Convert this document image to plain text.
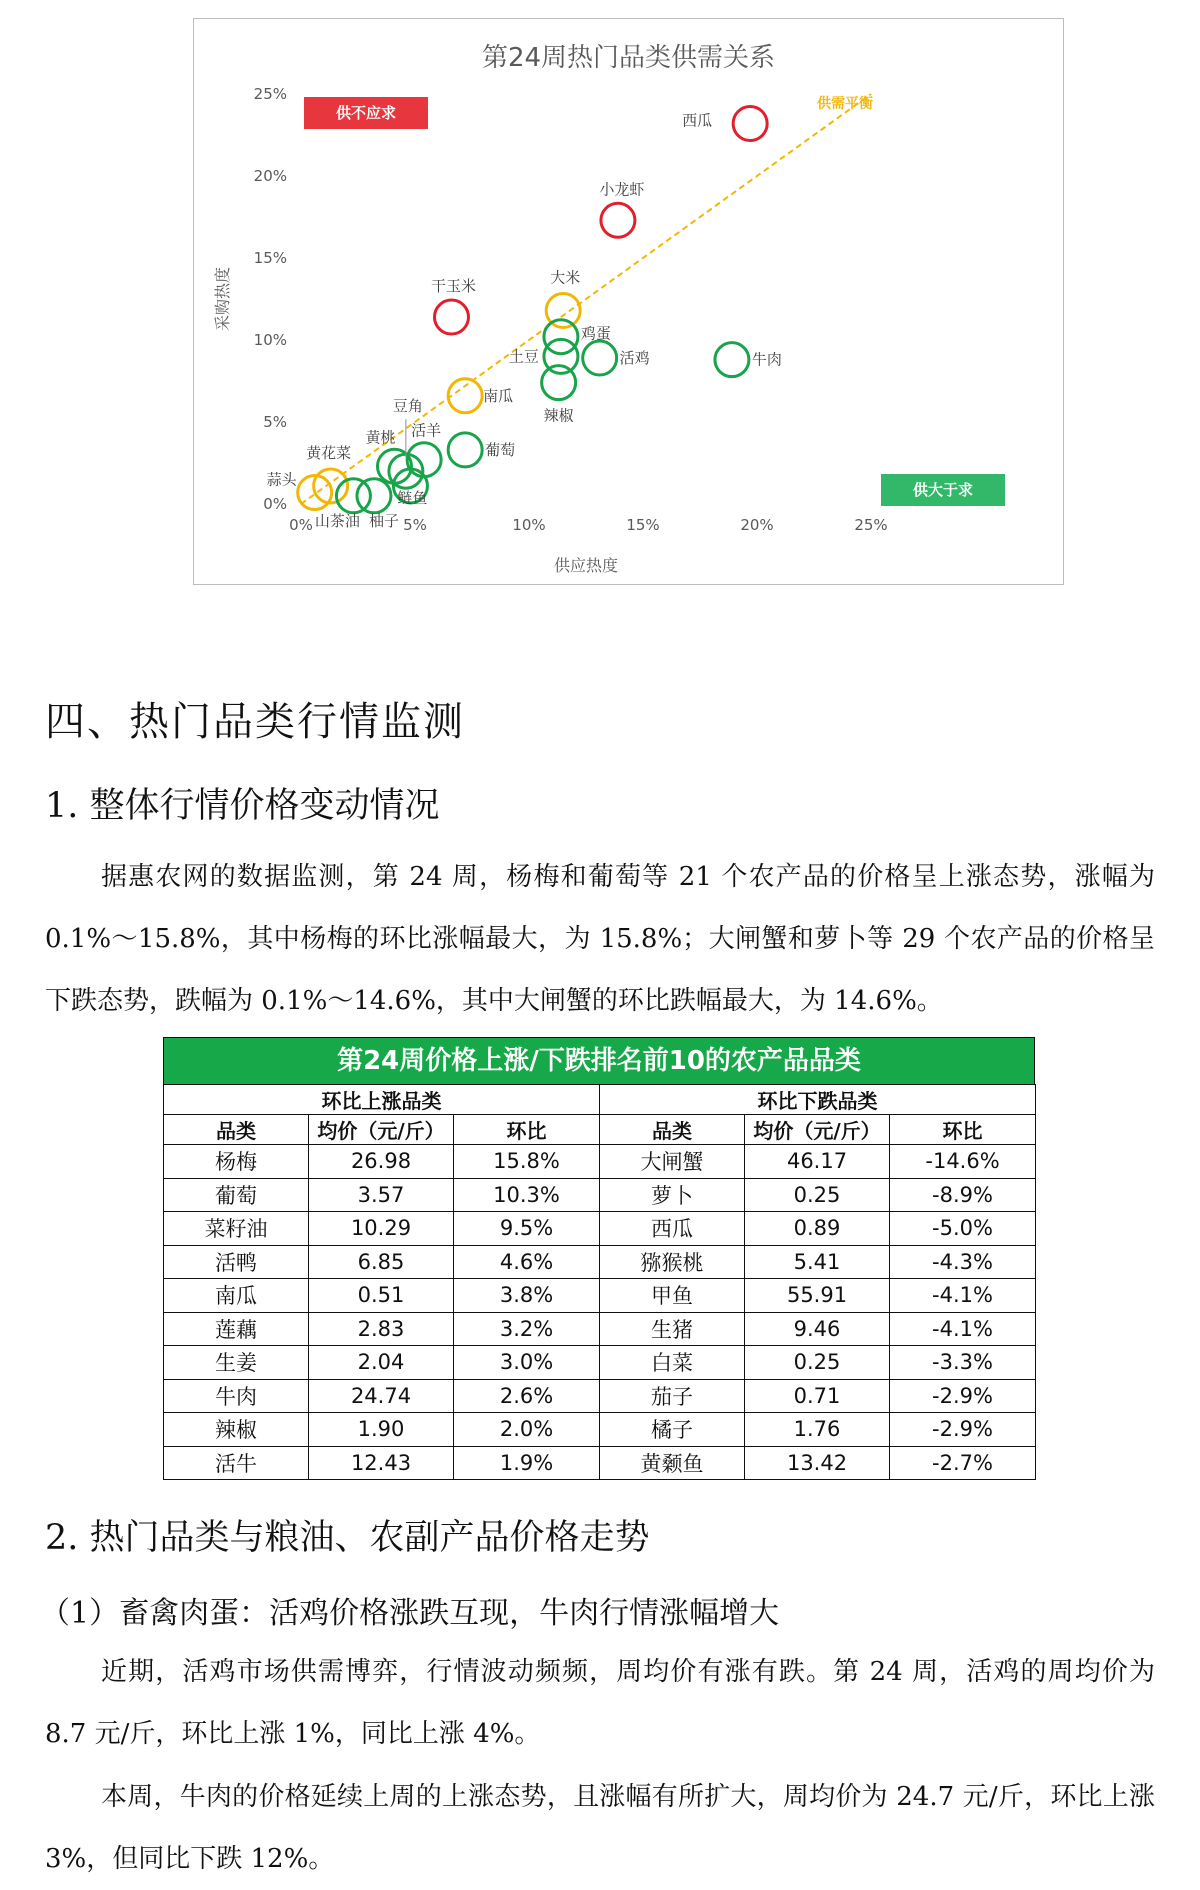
第24周热门品类供需关系
0%	5%	10%	15%	20%	25%
0%
5%
10%
15%
20%
25%
供应热度
采购热度
供需平衡
西瓜
小龙虾
干玉米	大米
南瓜
黄花菜
蒜头
牛肉
活鸡
鸡蛋
土豆
辣椒
葡萄
活羊
黄桃
豆角
鲢鱼
山茶油 柚子
供不应求
供大于求
四、热门品类行情监测
1. 整体行情价格变动情况
据惠农网的数据监测，第 24 周，杨梅和葡萄等 21 个农产品的价格呈上涨态势，涨幅为 0.1%～15.8%，其中杨梅的环比涨幅最大，为 15.8%；大闸蟹和萝卜等 29 个农产品的价格呈下跌态势，跌幅为 0.1%～14.6%，其中大闸蟹的环比跌幅最大，为 14.6%。
第24周价格上涨/下跌排名前10的农产品品类
环比上涨品类			环比下跌品类		
品类	均价（元/斤）	环比	品类	均价（元/斤）	环比
杨梅	26.98	15.8%	大闸蟹	46.17	-14.6%
葡萄	3.57	10.3%	萝卜	0.25	-8.9%
菜籽油	10.29	9.5%	西瓜	0.89	-5.0%
活鸭	6.85	4.6%	猕猴桃	5.41	-4.3%
南瓜	0.51	3.8%	甲鱼	55.91	-4.1%
莲藕	2.83	3.2%	生猪	9.46	-4.1%
生姜	2.04	3.0%	白菜	0.25	-3.3%
牛肉	24.74	2.6%	茄子	0.71	-2.9%
辣椒	1.90	2.0%	橘子	1.76	-2.9%
活牛	12.43	1.9%	黄颡鱼	13.42	-2.7%
2. 热门品类与粮油、农副产品价格走势
（1）畜禽肉蛋：活鸡价格涨跌互现，牛肉行情涨幅增大
近期，活鸡市场供需博弈，行情波动频频，周均价有涨有跌。第 24 周，活鸡的周均价为 8.7 元/斤，环比上涨 1%，同比上涨 4%。
本周，牛肉的价格延续上周的上涨态势，且涨幅有所扩大，周均价为 24.7 元/斤，环比上涨 3%，但同比下跌 12%。
